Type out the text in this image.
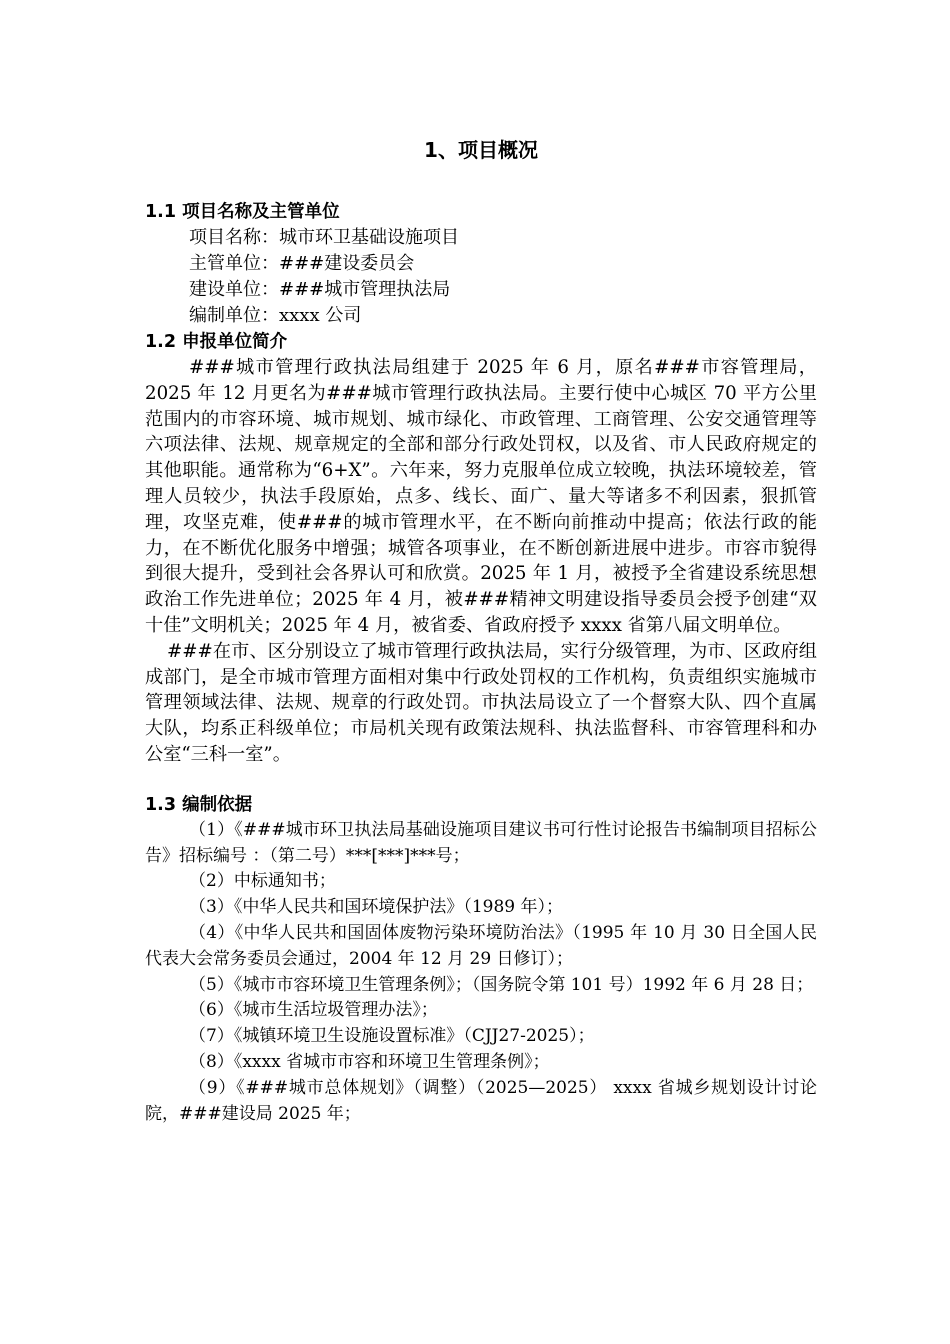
1、项目概况
1.1 项目名称及主管单位
项目名称：城市环卫基础设施项目
主管单位：###建设委员会
建设单位：###城市管理执法局
编制单位：xxxx 公司
1.2 申报单位简介

###城市管理行政执法局组建于 2025 年 6 月，原名###市容管理局，2025 年 12 月更名为###城市管理行政执法局。主要行使中心城区 70 平方公里范围内的市容环境、城市规划、城市绿化、市政管理、工商管理、公安交通管理等六项法律、法规、规章规定的全部和部分行政处罚权，以及省、市人民政府规定的其他职能。通常称为“6+X”。六年来，努力克服单位成立较晚，执法环境较差，管理人员较少，执法手段原始，点多、线长、面广、量大等诸多不利因素，狠抓管理，攻坚克难，使###的城市管理水平，在不断向前推动中提高；依法行政的能力，在不断优化服务中增强；城管各项事业，在不断创新进展中进步。市容市貌得到很大提升，受到社会各界认可和欣赏。2025 年 1 月，被授予全省建设系统思想政治工作先进单位；2025 年 4 月，被###精神文明建设指导委员会授予创建“双十佳”文明机关；2025 年 4 月，被省委、省政府授予 xxxx 省第八届文明单位。

###在市、区分别设立了城市管理行政执法局，实行分级管理，为市、区政府组成部门，是全市城市管理方面相对集中行政处罚权的工作机构，负责组织实施城市管理领域法律、法规、规章的行政处罚。市执法局设立了一个督察大队、四个直属大队，均系正科级单位；市局机关现有政策法规科、执法监督科、市容管理科和办公室“三科一室”。

1.3 编制依据

（1）《###城市环卫执法局基础设施项目建议书可行性讨论报告书编制项目招标公告》招标编号 ：（第二号）***[***]***号；

（2）中标通知书；

（3）《中华人民共和国环境保护法》（1989 年）；

（4）《中华人民共和国固体废物污染环境防治法》（1995 年 10 月 30 日全国人民代表大会常务委员会通过，2004 年 12 月 29 日修订）；

（5）《城市市容环境卫生管理条例》；（国务院令第 101 号）1992 年 6 月 28 日；

（6）《城市生活垃圾管理办法》；

（7）《城镇环境卫生设施设置标准》（CJJ27-2025）；

（8）《xxxx 省城市市容和环境卫生管理条例》；

（9）《###城市总体规划》（调整）（2025—2025） xxxx 省城乡规划设计讨论院，###建设局 2025 年；
